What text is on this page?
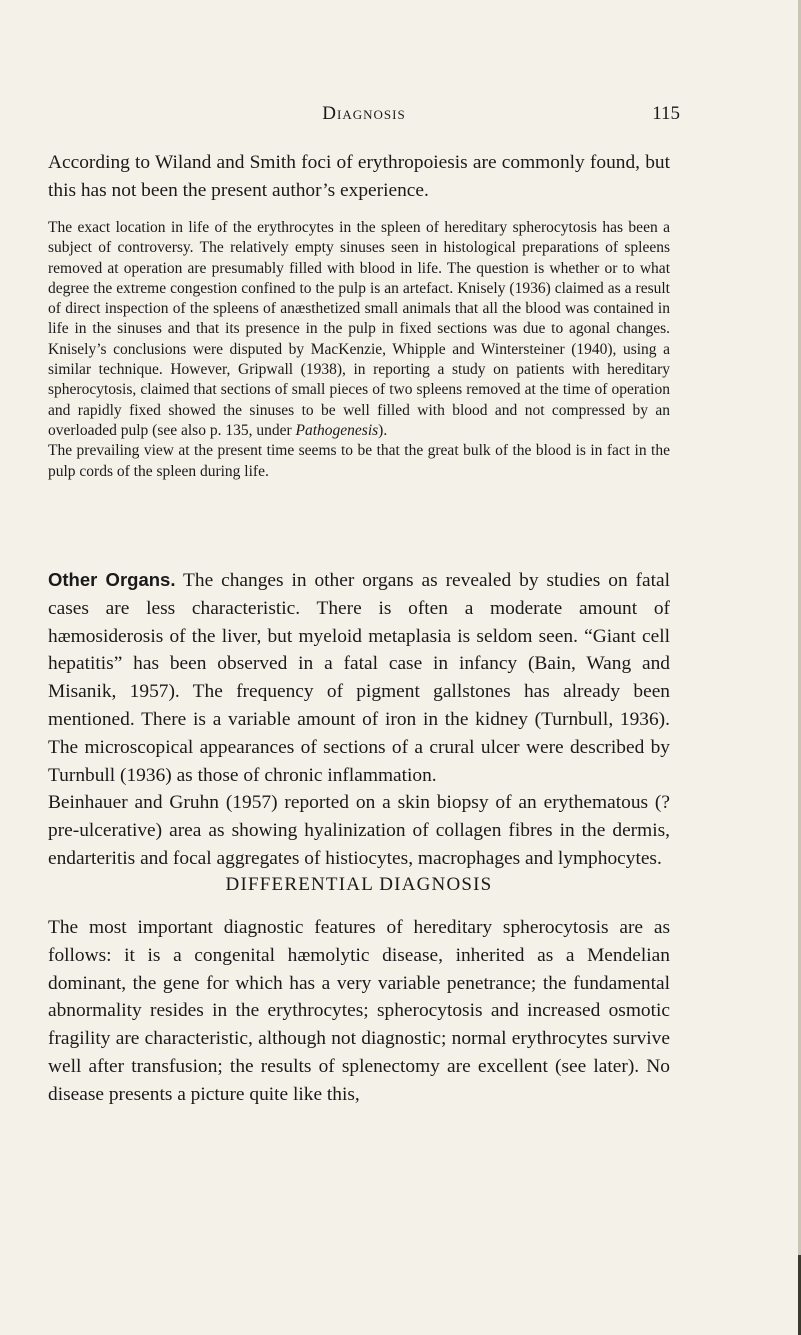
Diagnosis	115

According to Wiland and Smith foci of erythropoiesis are commonly found, but this has not been the present author’s experience.

The exact location in life of the erythrocytes in the spleen of hereditary spherocytosis has been a subject of controversy. The relatively empty sinuses seen in histological preparations of spleens removed at operation are presumably filled with blood in life. The question is whether or to what degree the extreme congestion confined to the pulp is an artefact. Knisely (1936) claimed as a result of direct inspection of the spleens of anæsthetized small animals that all the blood was contained in life in the sinuses and that its presence in the pulp in fixed sections was due to agonal changes. Knisely’s conclusions were disputed by MacKenzie, Whipple and Wintersteiner (1940), using a similar technique. However, Gripwall (1938), in reporting a study on patients with hereditary spherocytosis, claimed that sections of small pieces of two spleens removed at the time of operation and rapidly fixed showed the sinuses to be well filled with blood and not compressed by an overloaded pulp (see also p. 135, under Pathogenesis).

The prevailing view at the present time seems to be that the great bulk of the blood is in fact in the pulp cords of the spleen during life.

Other Organs. The changes in other organs as revealed by studies on fatal cases are less characteristic. There is often a moderate amount of hæmosiderosis of the liver, but myeloid metaplasia is seldom seen. “Giant cell hepatitis” has been observed in a fatal case in infancy (Bain, Wang and Misanik, 1957). The frequency of pigment gallstones has already been mentioned. There is a variable amount of iron in the kidney (Turnbull, 1936). The microscopical appearances of sections of a crural ulcer were described by Turnbull (1936) as those of chronic inflammation.

Beinhauer and Gruhn (1957) reported on a skin biopsy of an erythematous (? pre-ulcerative) area as showing hyalinization of collagen fibres in the dermis, endarteritis and focal aggregates of histiocytes, macrophages and lymphocytes.

DIFFERENTIAL DIAGNOSIS

The most important diagnostic features of hereditary spherocytosis are as follows: it is a congenital hæmolytic disease, inherited as a Mendelian dominant, the gene for which has a very variable penetrance; the fundamental abnormality resides in the erythrocytes; spherocytosis and increased osmotic fragility are characteristic, although not diagnostic; normal erythrocytes survive well after transfusion; the results of splenectomy are excellent (see later). No disease presents a picture quite like this,
